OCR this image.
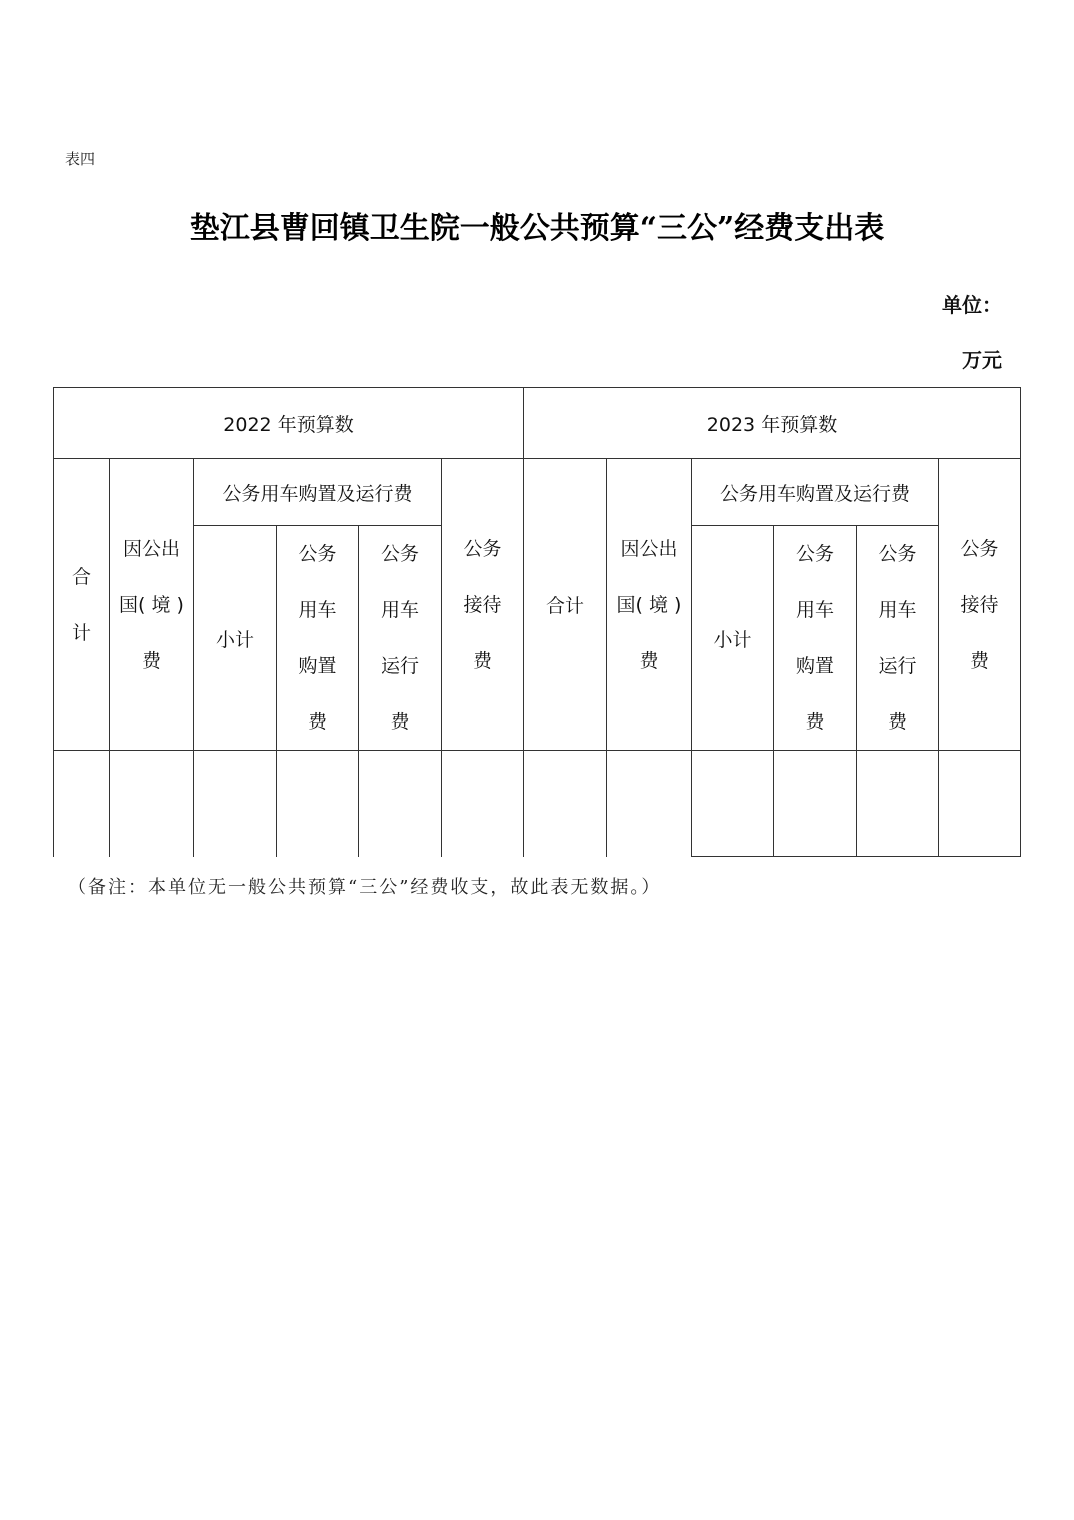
表四
垫江县曹回镇卫生院一般公共预算“三公”经费支出表
单位：
万元
2022 年预算数	2023 年预算数
合
计
因公出
国( 境 )
费
公务用车购置及运行费
小计
公务
用车
购置
费
公务
用车
运行
费
公务
接待
费
合计
因公出
国( 境 )
费
公务用车购置及运行费
小计
公务
用车
购置
费
公务
用车
运行
费
公务
接待
费
（备注：本单位无一般公共预算“三公”经费收支，故此表无数据。）
